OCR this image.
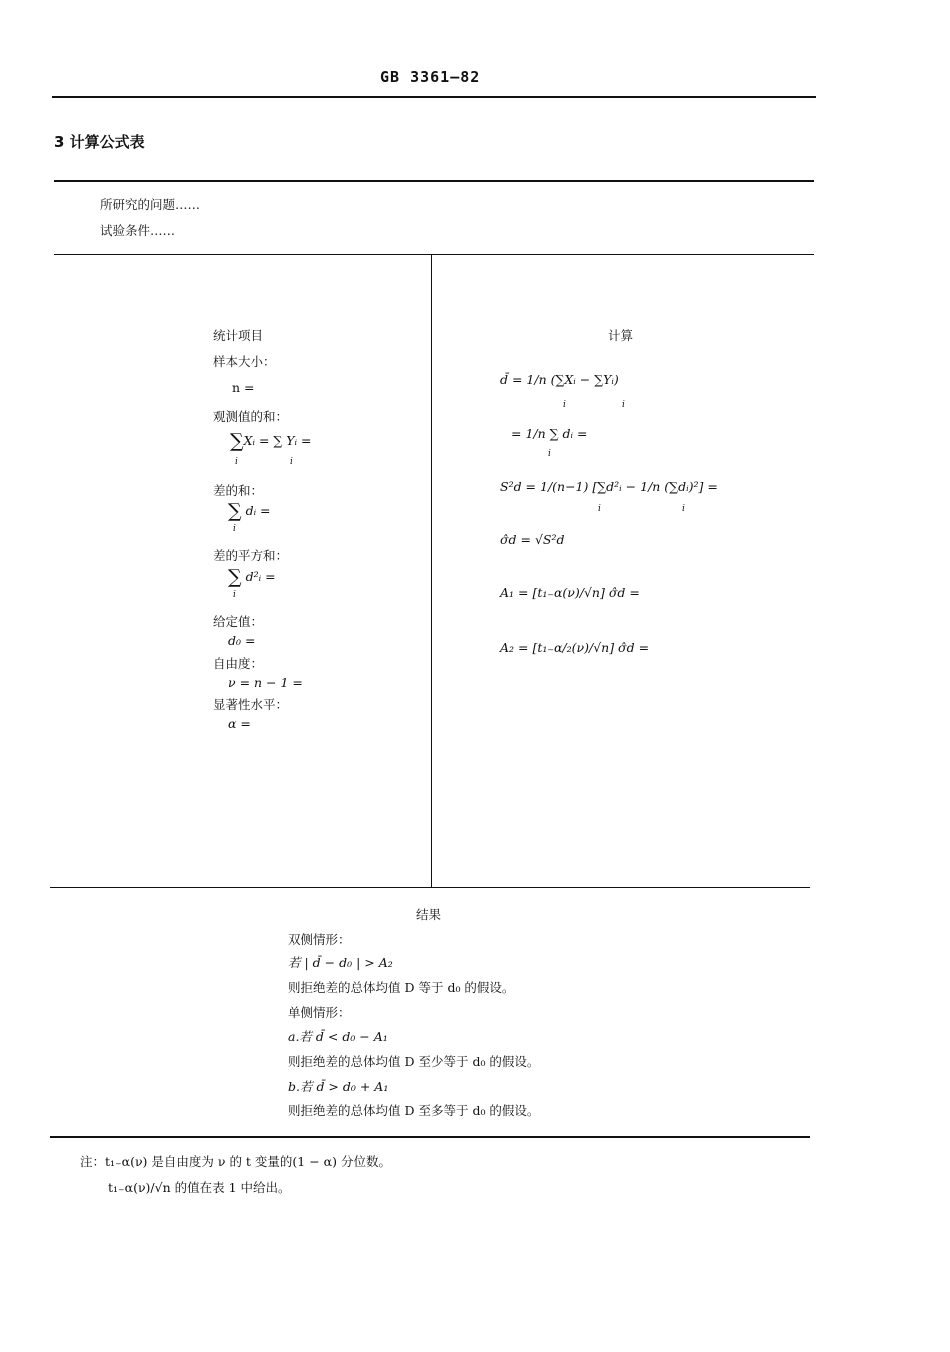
GB 3361—82
3 计算公式表
所研究的问题……
试验条件……
统计项目
样本大小：
n =
观测值的和：
∑Xᵢ = ∑ Yᵢ =
i	i
差的和：
∑ dᵢ =
i
差的平方和：
∑ d²ᵢ =
i
给定值：
d₀ =
自由度：
ν = n − 1 =
显著性水平：
α =
计算
d̄ = 1/n (∑Xᵢ − ∑Yᵢ)
i	i
= 1/n ∑ dᵢ =
i
S²d = 1/(n−1) [∑d²ᵢ − 1/n (∑dᵢ)²] =
i	i
σ̂d = √S²d
A₁ = [t₁₋α(ν)/√n] σ̂d =
A₂ = [t₁₋α/₂(ν)/√n] σ̂d =
结果
双侧情形：
若 | d̄ − d₀ | > A₂
则拒绝差的总体均值 D 等于 d₀ 的假设。
单侧情形：
a.若 d̄ < d₀ − A₁
则拒绝差的总体均值 D 至少等于 d₀ 的假设。
b.若 d̄ > d₀ + A₁
则拒绝差的总体均值 D 至多等于 d₀ 的假设。
注：t₁₋α(ν) 是自由度为 ν 的 t 变量的(1 − α) 分位数。
t₁₋α(ν)/√n 的值在表 1 中给出。
